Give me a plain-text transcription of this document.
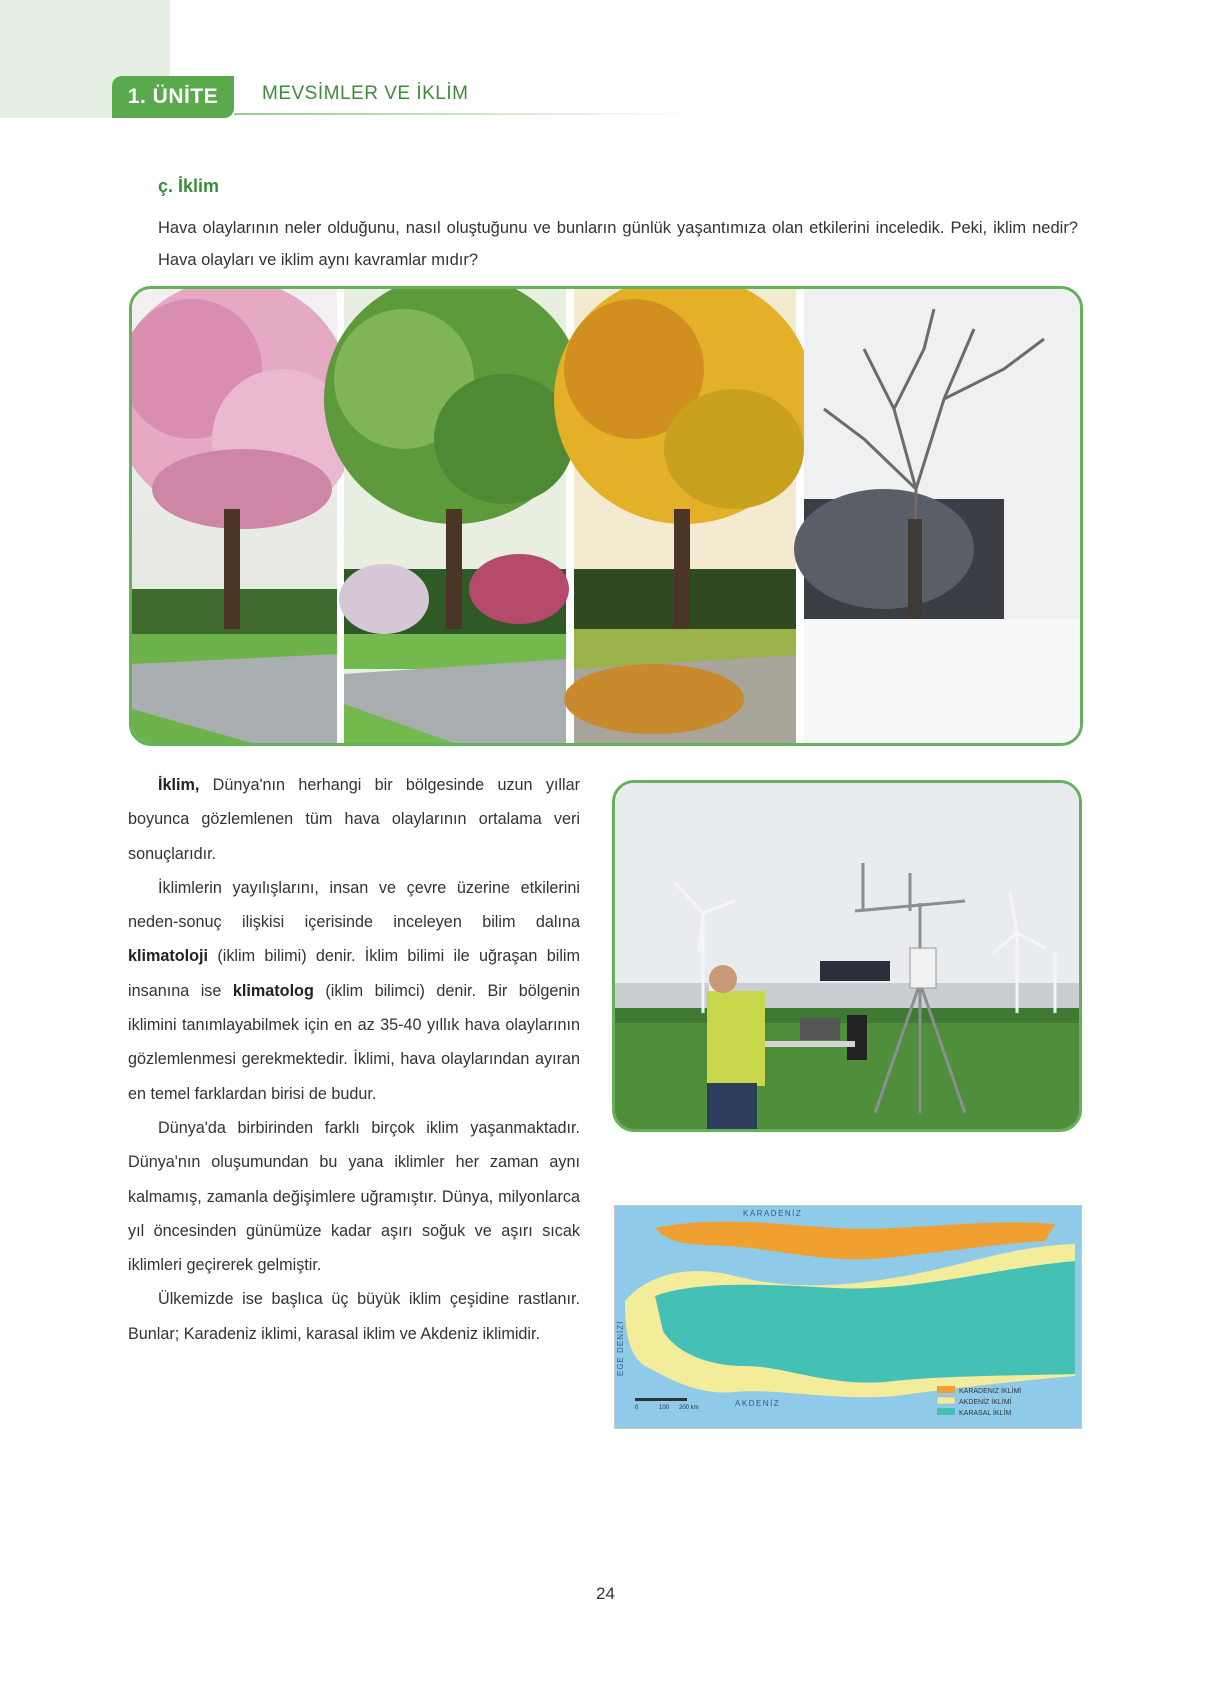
1. ÜNİTE	MEVSİMLER VE İKLİM
ç. İklim
Hava olaylarının neler olduğunu, nasıl oluştuğunu ve bunların günlük yaşantımıza olan etkilerini inceledik. Peki, iklim nedir? Hava olayları ve iklim aynı kavramlar mıdır?

İklim, Dünya'nın herhangi bir bölgesinde uzun yıllar boyunca gözlemlenen tüm hava olaylarının ortalama veri sonuçlarıdır.

İklimlerin yayılışlarını, insan ve çevre üzerine etkilerini neden-sonuç ilişkisi içerisinde inceleyen bilim dalına klimatoloji (iklim bilimi) denir. İklim bilimi ile uğraşan bilim insanına ise klimatolog (iklim bilimci) denir. Bir bölgenin iklimini tanımlayabilmek için en az 35-40 yıllık hava olaylarının gözlemlenmesi gerekmektedir. İklimi, hava olaylarından ayıran en temel farklardan birisi de budur.

Dünya'da birbirinden farklı birçok iklim yaşanmaktadır. Dünya'nın oluşumundan bu yana iklimler her zaman aynı kalmamış, zamanla değişimlere uğramıştır. Dünya, milyonlarca yıl öncesinden günümüze kadar aşırı soğuk ve aşırı sıcak iklimleri geçirerek gelmiştir.

Ülkemizde ise başlıca üç büyük iklim çeşidine rastlanır. Bunlar; Karadeniz iklimi, karasal iklim ve Akdeniz iklimidir.

KARADENİZ İKLİMİ
AKDENİZ İKLİMİ
KARASAL İKLİM
KARADENİZ
AKDENİZ
EGE DENİZİ
0	100 200 km
24
